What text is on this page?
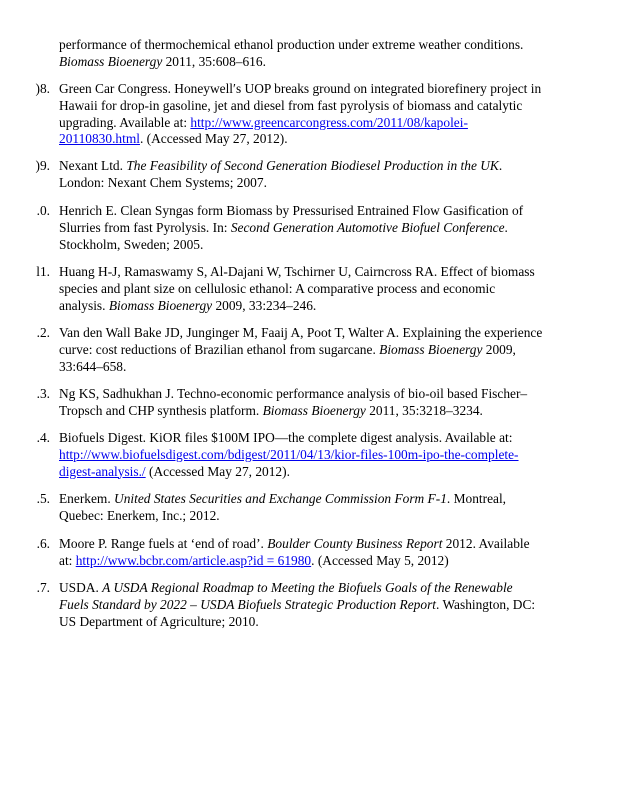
performance of thermochemical ethanol production under extreme weather conditions.
Biomass Bioenergy 2011, 35:608–616.
)8. Green Car Congress. Honeywell′s UOP breaks ground on integrated biorefinery project in
Hawaii for drop-in gasoline, jet and diesel from fast pyrolysis of biomass and catalytic
upgrading. Available at: http://www.greencarcongress.com/2011/08/kapolei-
20110830.html. (Accessed May 27, 2012).
)9. Nexant Ltd. The Feasibility of Second Generation Biodiesel Production in the UK.
London: Nexant Chem Systems; 2007.
.0. Henrich E. Clean Syngas form Biomass by Pressurised Entrained Flow Gasification of
Slurries from fast Pyrolysis. In: Second Generation Automotive Biofuel Conference.
Stockholm, Sweden; 2005.
l1. Huang H-J, Ramaswamy S, Al-Dajani W, Tschirner U, Cairncross RA. Effect of biomass
species and plant size on cellulosic ethanol: A comparative process and economic
analysis. Biomass Bioenergy 2009, 33:234–246.
.2. Van den Wall Bake JD, Junginger M, Faaij A, Poot T, Walter A. Explaining the experience
curve: cost reductions of Brazilian ethanol from sugarcane. Biomass Bioenergy 2009,
33:644–658.
.3. Ng KS, Sadhukhan J. Techno-economic performance analysis of bio-oil based Fischer–
Tropsch and CHP synthesis platform. Biomass Bioenergy 2011, 35:3218–3234.
.4. Biofuels Digest. KiOR files $100M IPO—the complete digest analysis. Available at:
http://www.biofuelsdigest.com/bdigest/2011/04/13/kior-files-100m-ipo-the-complete-
digest-analysis./ (Accessed May 27, 2012).
.5. Enerkem. United States Securities and Exchange Commission Form F-1. Montreal,
Quebec: Enerkem, Inc.; 2012.
.6. Moore P. Range fuels at ‘end of road’. Boulder County Business Report 2012. Available
at: http://www.bcbr.com/article.asp?id = 61980. (Accessed May 5, 2012)
.7. USDA. A USDA Regional Roadmap to Meeting the Biofuels Goals of the Renewable
Fuels Standard by 2022 – USDA Biofuels Strategic Production Report. Washington, DC:
US Department of Agriculture; 2010.
